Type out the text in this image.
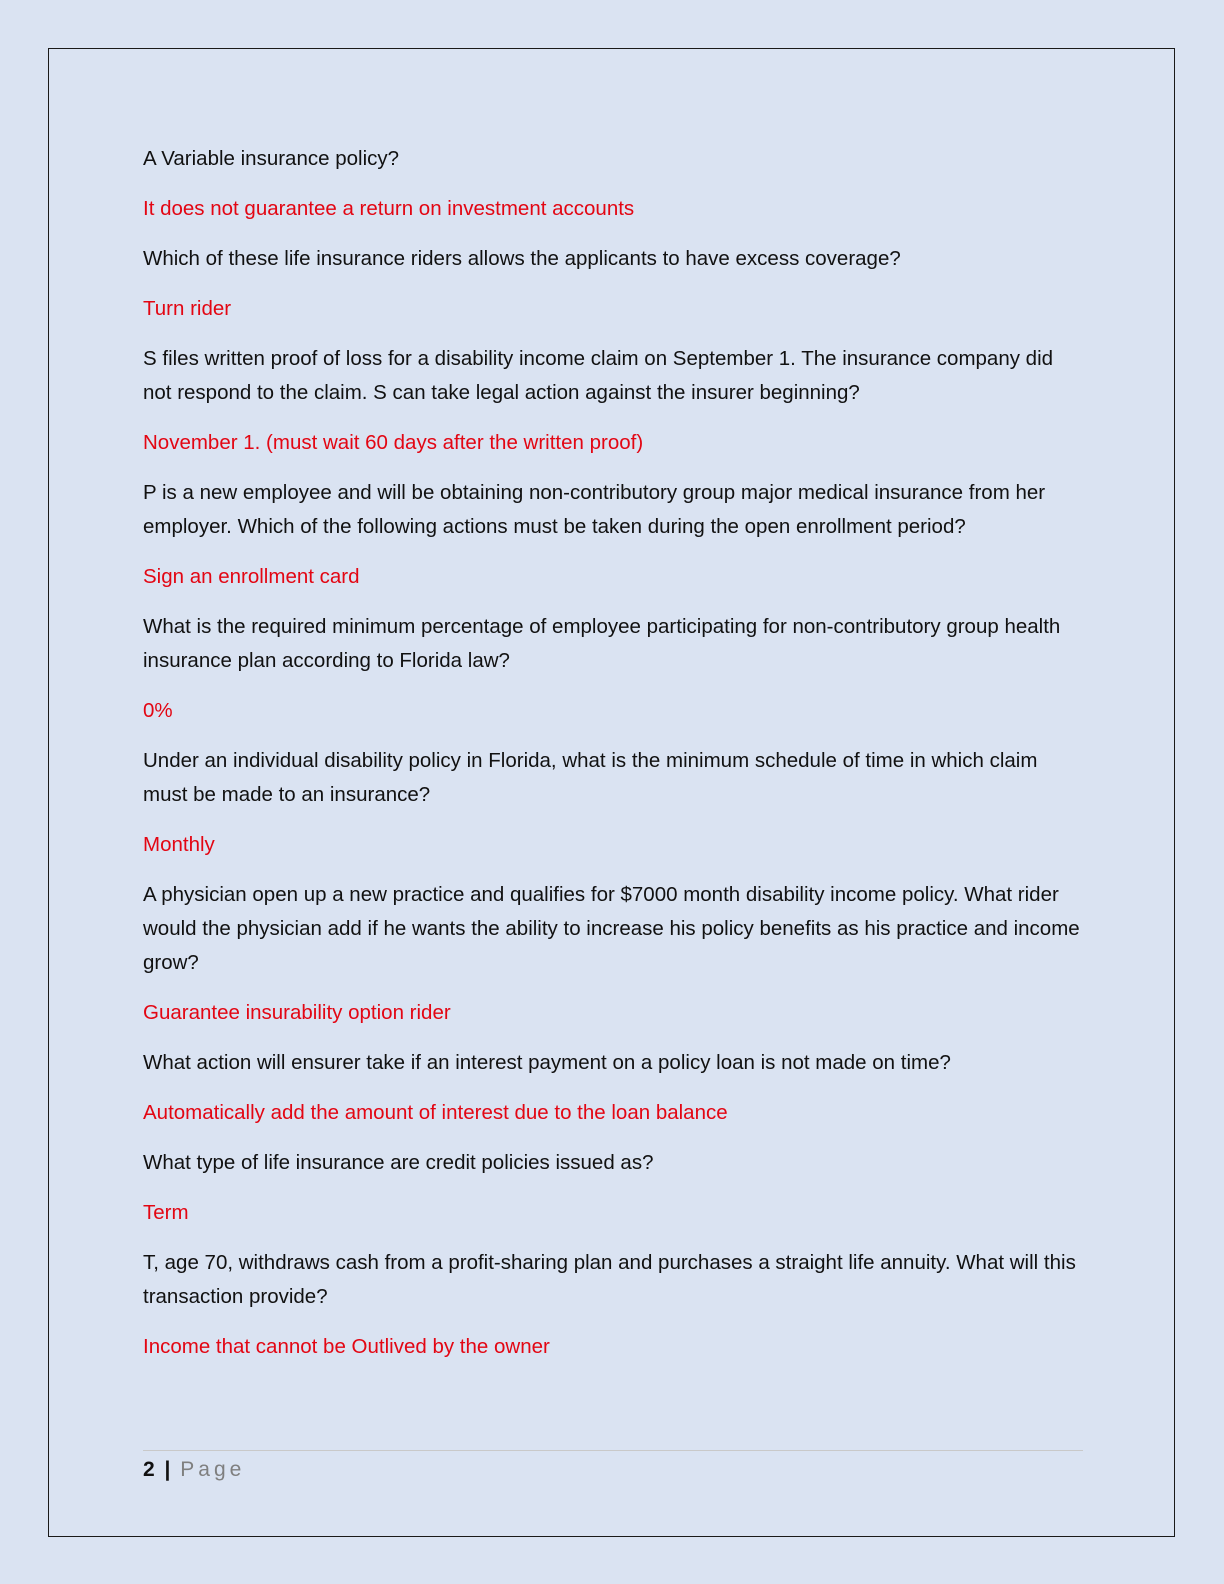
A Variable insurance policy?

It does not guarantee a return on investment accounts

Which of these life insurance riders allows the applicants to have excess coverage?

Turn rider

S files written proof of loss for a disability income claim on September 1. The insurance company did not respond to the claim. S can take legal action against the insurer beginning?

November 1. (must wait 60 days after the written proof)

P is a new employee and will be obtaining non-contributory group major medical insurance from her employer. Which of the following actions must be taken during the open enrollment period?

Sign an enrollment card

What is the required minimum percentage of employee participating for non-contributory group health insurance plan according to Florida law?

0%

Under an individual disability policy in Florida, what is the minimum schedule of time in which claim must be made to an insurance?

Monthly

A physician open up a new practice and qualifies for $7000 month disability income policy. What rider would the physician add if he wants the ability to increase his policy benefits as his practice and income grow?

Guarantee insurability option rider

What action will ensurer take if an interest payment on a policy loan is not made on time?

Automatically add the amount of interest due to the loan balance

What type of life insurance are credit policies issued as?

Term

T, age 70, withdraws cash from a profit-sharing plan and purchases a straight life annuity. What will this transaction provide?

Income that cannot be Outlived by the owner

2 | Page
